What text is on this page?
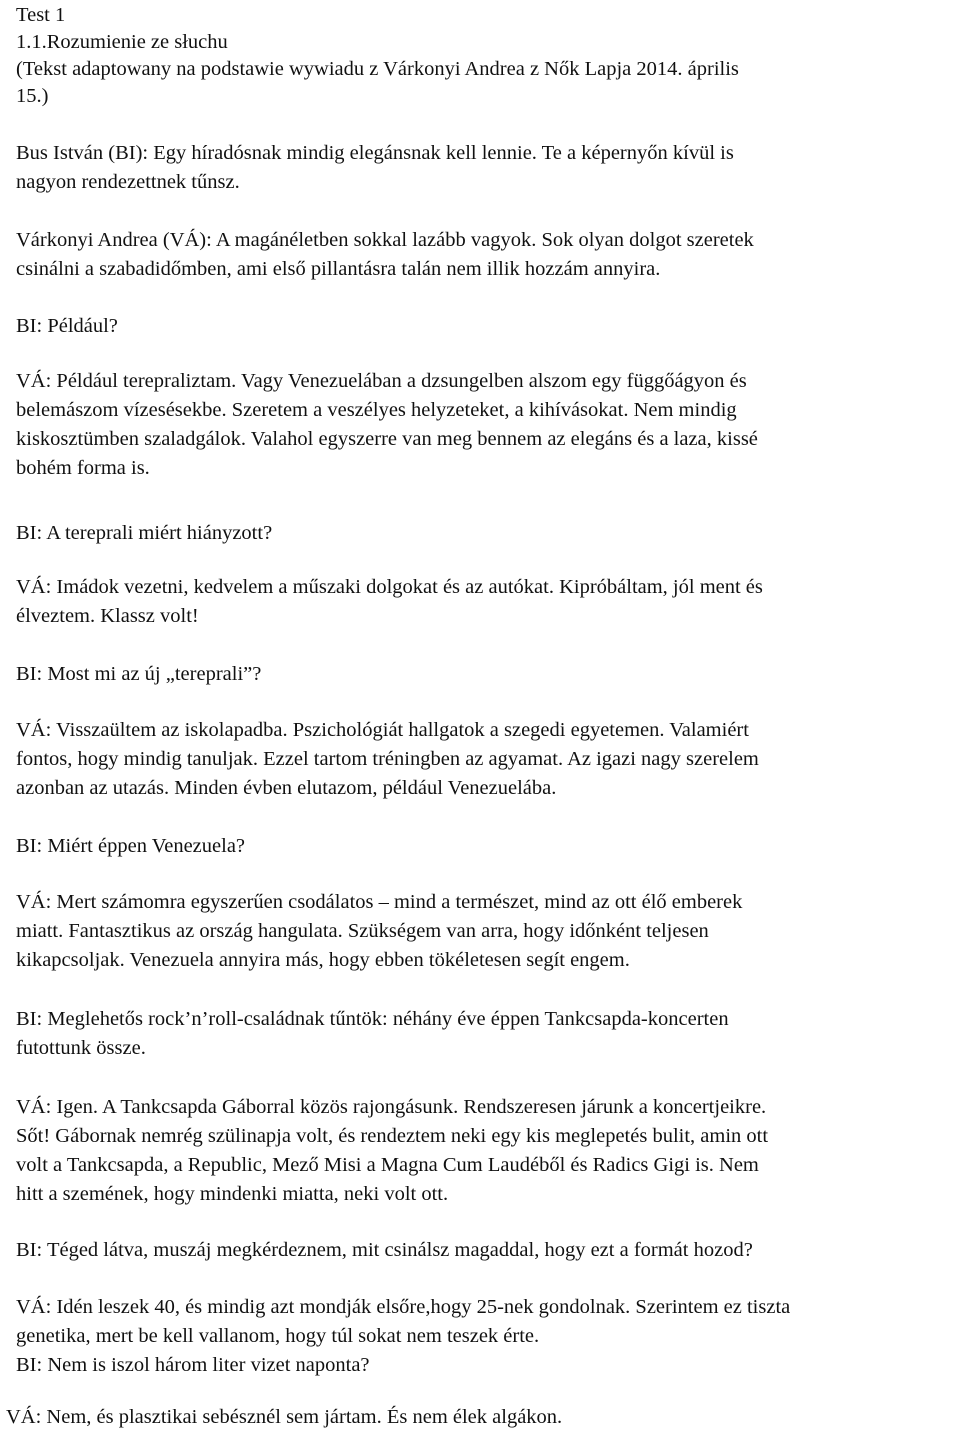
Test 1
1.1.Rozumienie ze słuchu
(Tekst adaptowany na podstawie wywiadu z Várkonyi Andrea z Nők Lapja 2014. április
15.)

Bus István (BI): Egy híradósnak mindig elegánsnak kell lennie. Te a képernyőn kívül is
nagyon rendezettnek tűnsz.

Várkonyi Andrea (VÁ): A magánéletben sokkal lazább vagyok. Sok olyan dolgot szeretek
csinálni a szabadidőmben, ami első pillantásra talán nem illik hozzám annyira.

BI: Például?

VÁ: Például terepraliztam. Vagy Venezuelában a dzsungelben alszom egy függőágyon és
belemászom vízesésekbe. Szeretem a veszélyes helyzeteket, a kihívásokat. Nem mindig
kiskosztümben szaladgálok. Valahol egyszerre van meg bennem az elegáns és a laza, kissé
bohém forma is.

BI: A tereprali miért hiányzott?

VÁ: Imádok vezetni, kedvelem a műszaki dolgokat és az autókat. Kipróbáltam, jól ment és
élveztem. Klassz volt!

BI: Most mi az új „tereprali”?

VÁ: Visszaültem az iskolapadba. Pszichológiát hallgatok a szegedi egyetemen. Valamiért
fontos, hogy mindig tanuljak. Ezzel tartom tréningben az agyamat. Az igazi nagy szerelem
azonban az utazás. Minden évben elutazom, például Venezuelába.

BI: Miért éppen Venezuela?

VÁ: Mert számomra egyszerűen csodálatos – mind a természet, mind az ott élő emberek
miatt. Fantasztikus az ország hangulata. Szükségem van arra, hogy időnként teljesen
kikapcsoljak. Venezuela annyira más, hogy ebben tökéletesen segít engem.

BI: Meglehetős rock’n’roll-családnak tűntök: néhány éve éppen Tankcsapda-koncerten
futottunk össze.

VÁ: Igen. A Tankcsapda Gáborral közös rajongásunk. Rendszeresen járunk a koncertjeikre.
Sőt! Gábornak nemrég szülinapja volt, és rendeztem neki egy kis meglepetés bulit, amin ott
volt a Tankcsapda, a Republic, Mező Misi a Magna Cum Laudéből és Radics Gigi is. Nem
hitt a szemének, hogy mindenki miatta, neki volt ott.

BI: Téged látva, muszáj megkérdeznem, mit csinálsz magaddal, hogy ezt a formát hozod?

VÁ: Idén leszek 40, és mindig azt mondják elsőre,hogy 25-nek gondolnak. Szerintem ez tiszta
genetika, mert be kell vallanom, hogy túl sokat nem teszek érte.
BI: Nem is iszol három liter vizet naponta?

VÁ: Nem, és plasztikai sebésznél sem jártam. És nem élek algákon.
